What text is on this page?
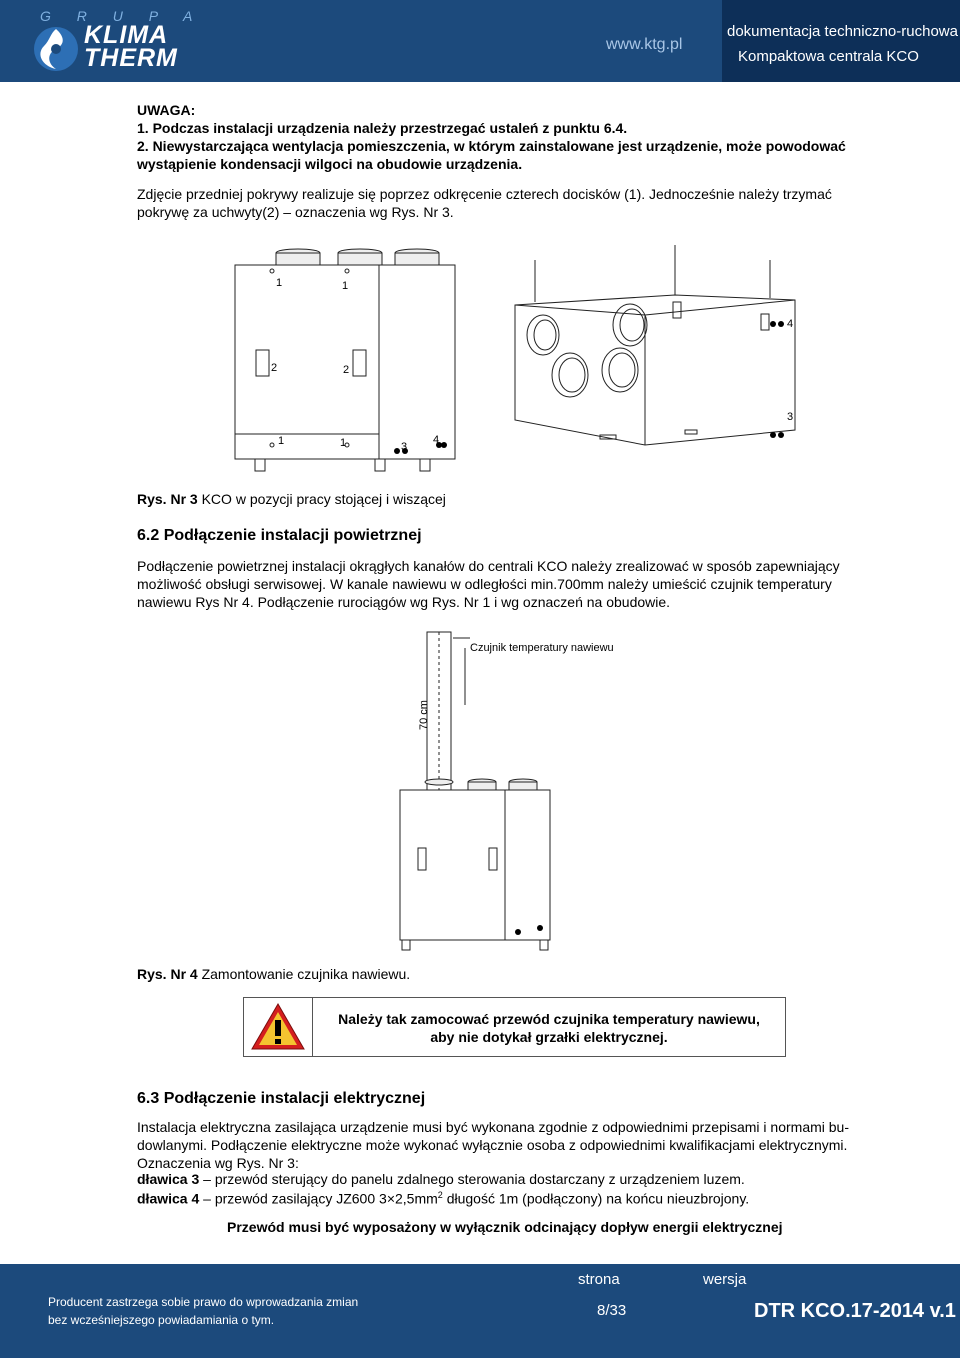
G R U P A
KLIMA
THERM	www.ktg.pl
dokumentacja techniczno-ruchowa
Kompaktowa centrala KCO
UWAGA:
1. Podczas instalacji urządzenia należy przestrzegać ustaleń z punktu 6.4.
2. Niewystarczająca wentylacja pomieszczenia, w którym zainstalowane jest urządzenie, może powodować
wystąpienie kondensacji wilgoci na obudowie urządzenia.
Zdjęcie przedniej pokrywy realizuje się poprzez odkręcenie czterech docisków (1). Jednocześnie należy trzymać
pokrywę za uchwyty(2) – oznaczenia wg Rys. Nr 3.
1	1
2	2
1	1	3
4
4
3
Rys. Nr 3 KCO w pozycji pracy stojącej i wiszącej
6.2 Podłączenie instalacji powietrznej
Podłączenie powietrznej instalacji okrągłych kanałów do centrali KCO należy zrealizować w sposób zapewniający
możliwość obsługi serwisowej. W kanale nawiewu w odległości min.700mm należy umieścić czujnik temperatury
nawiewu Rys Nr 4. Podłączenie rurociągów wg Rys. Nr 1 i wg oznaczeń na obudowie.
Czujnik temperatury nawiewu
70 cm
Rys. Nr 4 Zamontowanie czujnika nawiewu.
Należy tak zamocować przewód czujnika temperatury nawiewu,
aby nie dotykał grzałki elektrycznej.
6.3 Podłączenie instalacji elektrycznej
Instalacja elektryczna zasilająca urządzenie musi być wykonana zgodnie z odpowiednimi przepisami i normami bu-
dowlanymi. Podłączenie elektryczne może wykonać wyłącznie osoba z odpowiednimi kwalifikacjami elektrycznymi.
Oznaczenia wg Rys. Nr 3:
dławica 3 – przewód sterujący do panelu zdalnego sterowania dostarczany z urządzeniem luzem.
dławica 4 – przewód zasilający JZ600 $3\times 2,5mm^2$ długość 1m (podłączony) na końcu nieuzbrojony.
Przewód musi być wyposażony w wyłącznik odcinający dopływ energii elektrycznej
Producent zastrzega sobie prawo do wprowadzania zmian
bez wcześniejszego powiadamiania o tym.
strona	wersja
8/33	DTR KCO.17-2014 v.1
